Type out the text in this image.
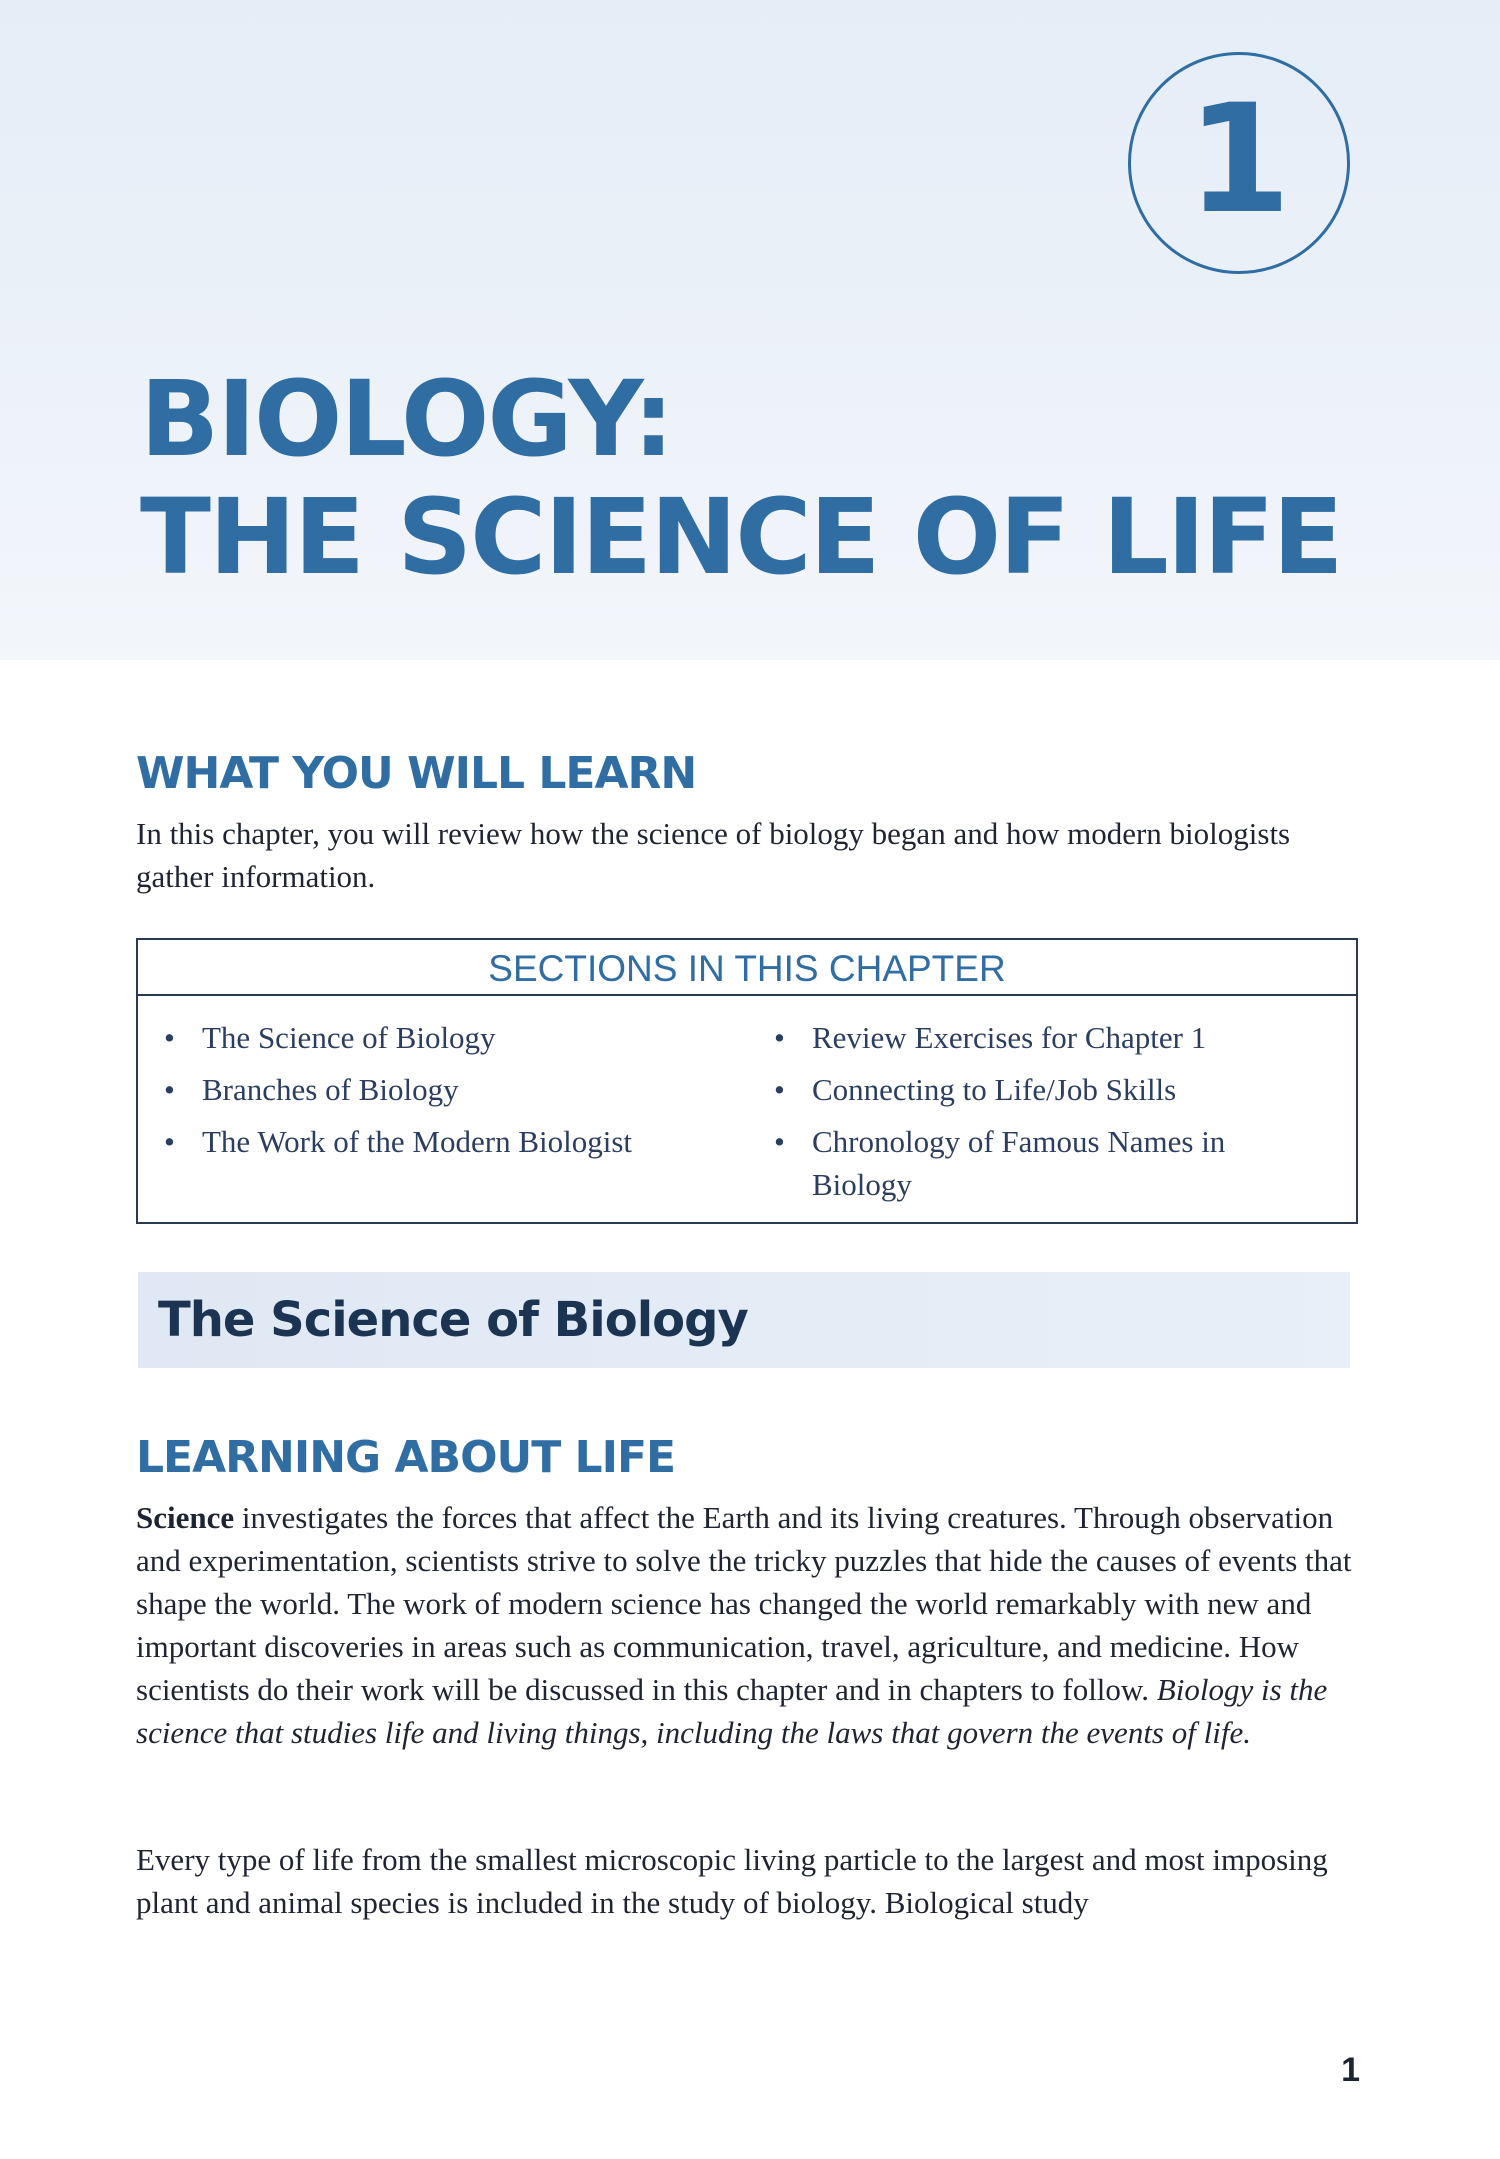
1
BIOLOGY:
THE SCIENCE OF LIFE
WHAT YOU WILL LEARN

In this chapter, you will review how the science of biology began and how modern biologists gather information.

SECTIONS IN THIS CHAPTER
• The Science of Biology
• Branches of Biology
• The Work of the Modern Biologist
• Review Exercises for Chapter 1
• Connecting to Life/Job Skills
• Chronology of Famous Names in Biology
The Science of Biology
LEARNING ABOUT LIFE

Science investigates the forces that affect the Earth and its living creatures. Through observation and experimentation, scientists strive to solve the tricky puzzles that hide the causes of events that shape the world. The work of modern science has changed the world remarkably with new and important discoveries in areas such as communication, travel, agriculture, and medicine. How scientists do their work will be discussed in this chapter and in chapters to follow. Biology is the science that studies life and living things, including the laws that govern the events of life.

Every type of life from the smallest microscopic living particle to the largest and most imposing plant and animal species is included in the study of biology. Biological study

1
